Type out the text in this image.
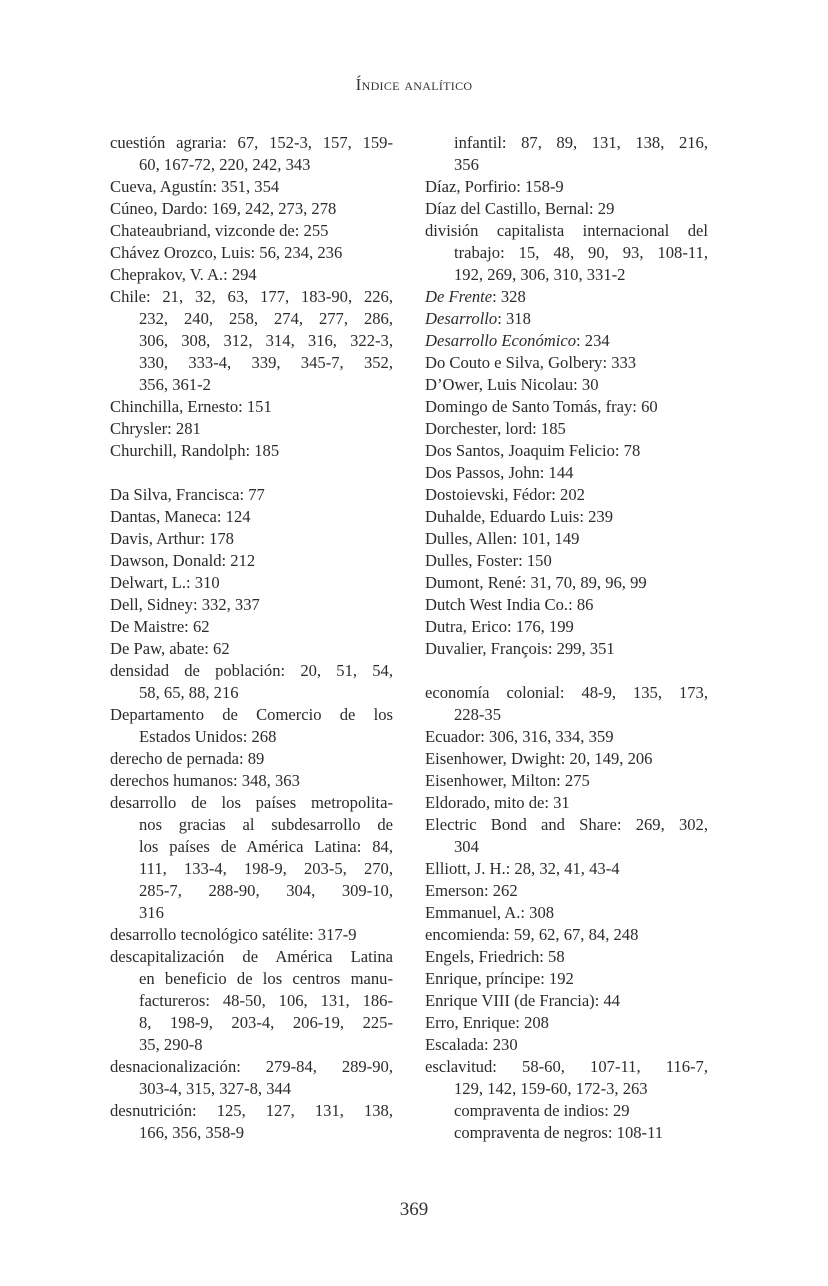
Índice analítico
cuestión agraria: 67, 152-3, 157, 159-
60, 167-72, 220, 242, 343
Cueva, Agustín: 351, 354
Cúneo, Dardo: 169, 242, 273, 278
Chateaubriand, vizconde de: 255
Chávez Orozco, Luis: 56, 234, 236
Cheprakov, V. A.: 294
Chile: 21, 32, 63, 177, 183-90, 226,
232, 240, 258, 274, 277, 286,
306, 308, 312, 314, 316, 322-3,
330, 333-4, 339, 345-7, 352,
356, 361-2
Chinchilla, Ernesto: 151
Chrysler: 281
Churchill, Randolph: 185
Da Silva, Francisca: 77
Dantas, Maneca: 124
Davis, Arthur: 178
Dawson, Donald: 212
Delwart, L.: 310
Dell, Sidney: 332, 337
De Maistre: 62
De Paw, abate: 62
densidad de población: 20, 51, 54,
58, 65, 88, 216
Departamento de Comercio de los
Estados Unidos: 268
derecho de pernada: 89
derechos humanos: 348, 363
desarrollo de los países metropolita-
nos gracias al subdesarrollo de
los países de América Latina: 84,
111, 133-4, 198-9, 203-5, 270,
285-7, 288-90, 304, 309-10,
316
desarrollo tecnológico satélite: 317-9
descapitalización de América Latina
en beneficio de los centros manu-
factureros: 48-50, 106, 131, 186-
8, 198-9, 203-4, 206-19, 225-
35, 290-8
desnacionalización: 279-84, 289-90,
303-4, 315, 327-8, 344
desnutrición: 125, 127, 131, 138,
166, 356, 358-9
infantil: 87, 89, 131, 138, 216,
356
Díaz, Porfirio: 158-9
Díaz del Castillo, Bernal: 29
división capitalista internacional del
trabajo: 15, 48, 90, 93, 108-11,
192, 269, 306, 310, 331-2
De Frente: 328
Desarrollo: 318
Desarrollo Económico: 234
Do Couto e Silva, Golbery: 333
D’Ower, Luis Nicolau: 30
Domingo de Santo Tomás, fray: 60
Dorchester, lord: 185
Dos Santos, Joaquim Felicio: 78
Dos Passos, John: 144
Dostoievski, Fédor: 202
Duhalde, Eduardo Luis: 239
Dulles, Allen: 101, 149
Dulles, Foster: 150
Dumont, René: 31, 70, 89, 96, 99
Dutch West India Co.: 86
Dutra, Erico: 176, 199
Duvalier, François: 299, 351
economía colonial: 48-9, 135, 173,
228-35
Ecuador: 306, 316, 334, 359
Eisenhower, Dwight: 20, 149, 206
Eisenhower, Milton: 275
Eldorado, mito de: 31
Electric Bond and Share: 269, 302,
304
Elliott, J. H.: 28, 32, 41, 43-4
Emerson: 262
Emmanuel, A.: 308
encomienda: 59, 62, 67, 84, 248
Engels, Friedrich: 58
Enrique, príncipe: 192
Enrique VIII (de Francia): 44
Erro, Enrique: 208
Escalada: 230
esclavitud: 58-60, 107-11, 116-7,
129, 142, 159-60, 172-3, 263
compraventa de indios: 29
compraventa de negros: 108-11
369
